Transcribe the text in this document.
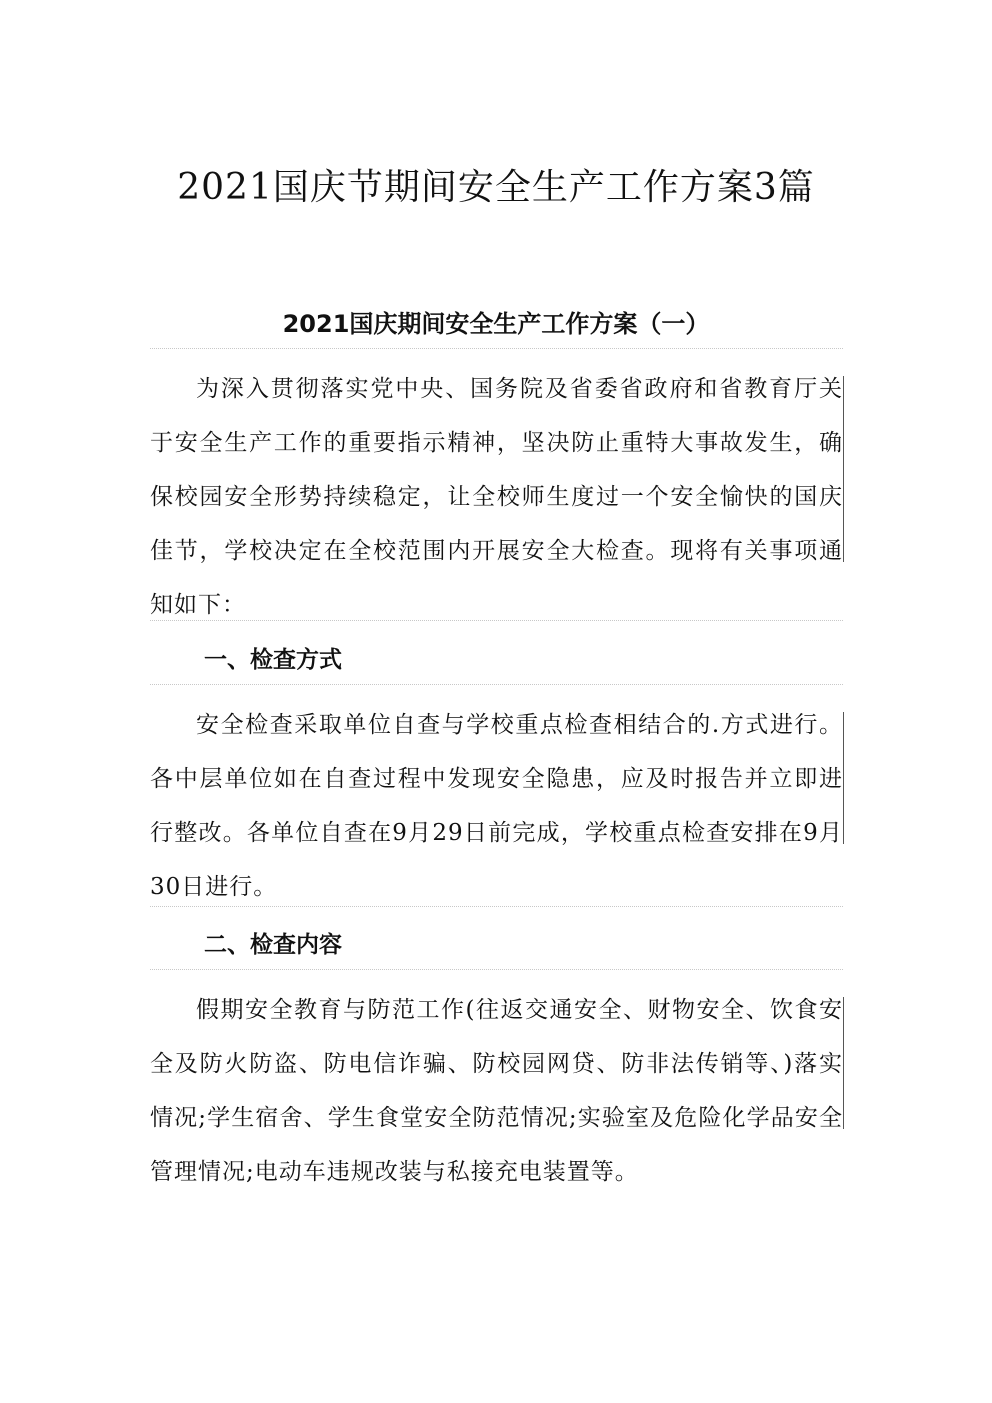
2021国庆节期间安全生产工作方案3篇
2021国庆期间安全生产工作方案（一）

为深入贯彻落实党中央、国务院及省委省政府和省教育厅关于安全生产工作的重要指示精神，坚决防止重特大事故发生，确保校园安全形势持续稳定，让全校师生度过一个安全愉快的国庆佳节，学校决定在全校范围内开展安全大检查。现将有关事项通知如下：

一、检查方式

安全检查采取单位自查与学校重点检查相结合的.方式进行。各中层单位如在自查过程中发现安全隐患，应及时报告并立即进行整改。各单位自查在9月29日前完成，学校重点检查安排在9月30日进行。

二、检查内容

假期安全教育与防范工作(往返交通安全、财物安全、饮食安全及防火防盗、防电信诈骗、防校园网贷、防非法传销等、)落实情况;学生宿舍、学生食堂安全防范情况;实验室及危险化学品安全管理情况;电动车违规改装与私接充电装置等。
